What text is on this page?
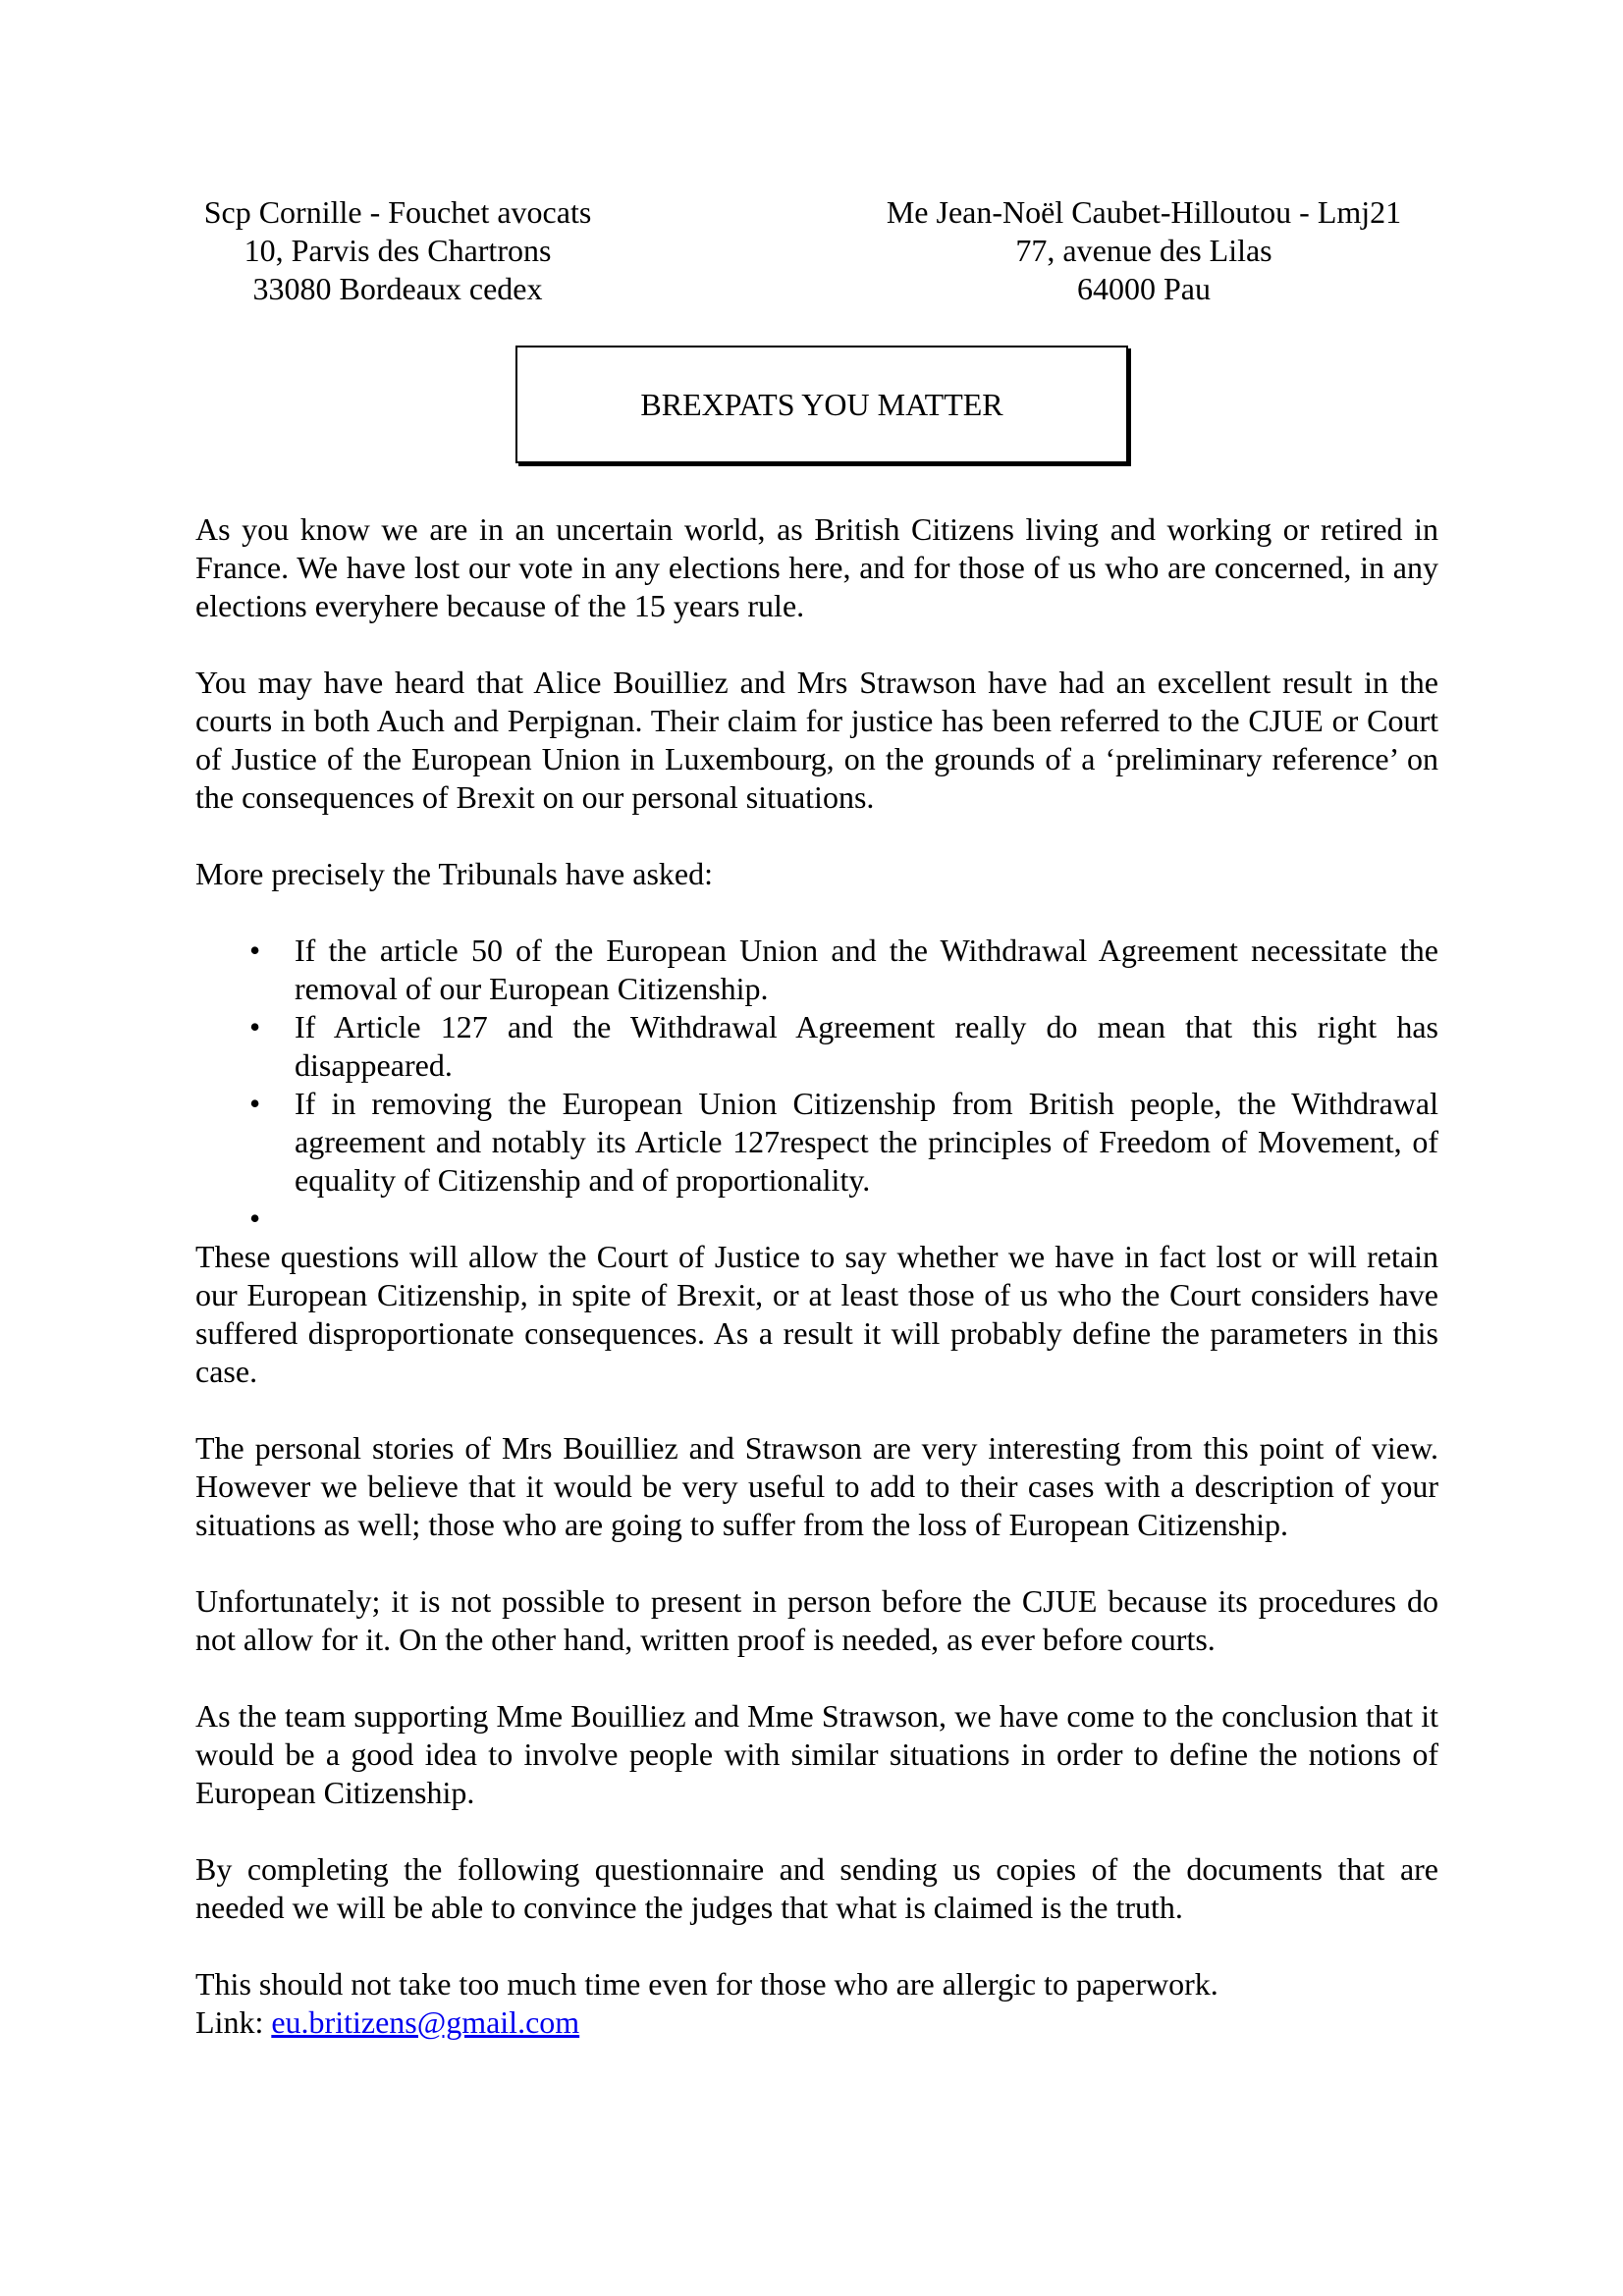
Scp Cornille - Fouchet avocats
10, Parvis des Chartrons
33080 Bordeaux cedex
Me Jean-Noël Caubet-Hilloutou - Lmj21
77, avenue des Lilas
64000 Pau
BREXPATS YOU MATTER

As you know we are in an uncertain world, as British Citizens living and working or retired in France. We have lost our vote in any elections here, and for those of us who are concerned, in any elections everyhere because of the 15 years rule.

You may have heard that Alice Bouilliez and Mrs Strawson have had an excellent result in the courts in both Auch and Perpignan. Their claim for justice has been referred to the CJUE or Court of Justice of the European Union in Luxembourg, on the grounds of a ‘preliminary reference’ on the consequences of Brexit on our personal situations.

More precisely the Tribunals have asked:

• If the article 50 of the European Union and the Withdrawal Agreement necessitate the removal of our European Citizenship.
• If Article 127 and the Withdrawal Agreement really do mean that this right has disappeared.
• If in removing the European Union Citizenship from British people, the Withdrawal agreement and notably its Article 127respect the principles of Freedom of Movement, of equality of Citizenship and of proportionality.
•

These questions will allow the Court of Justice to say whether we have in fact lost or will retain our European Citizenship, in spite of Brexit, or at least those of us who the Court considers have suffered disproportionate consequences. As a result it will probably define the parameters in this case.

The personal stories of Mrs Bouilliez and Strawson are very interesting from this point of view. However we believe that it would be very useful to add to their cases with a description of your situations as well; those who are going to suffer from the loss of European Citizenship.

Unfortunately; it is not possible to present in person before the CJUE because its procedures do not allow for it. On the other hand, written proof is needed, as ever before courts.

As the team supporting Mme Bouilliez and Mme Strawson, we have come to the conclusion that it would be a good idea to involve people with similar situations in order to define the notions of European Citizenship.

By completing the following questionnaire and sending us copies of the documents that are needed we will be able to convince the judges that what is claimed is the truth.

This should not take too much time even for those who are allergic to paperwork.

Link: eu.britizens@gmail.com
